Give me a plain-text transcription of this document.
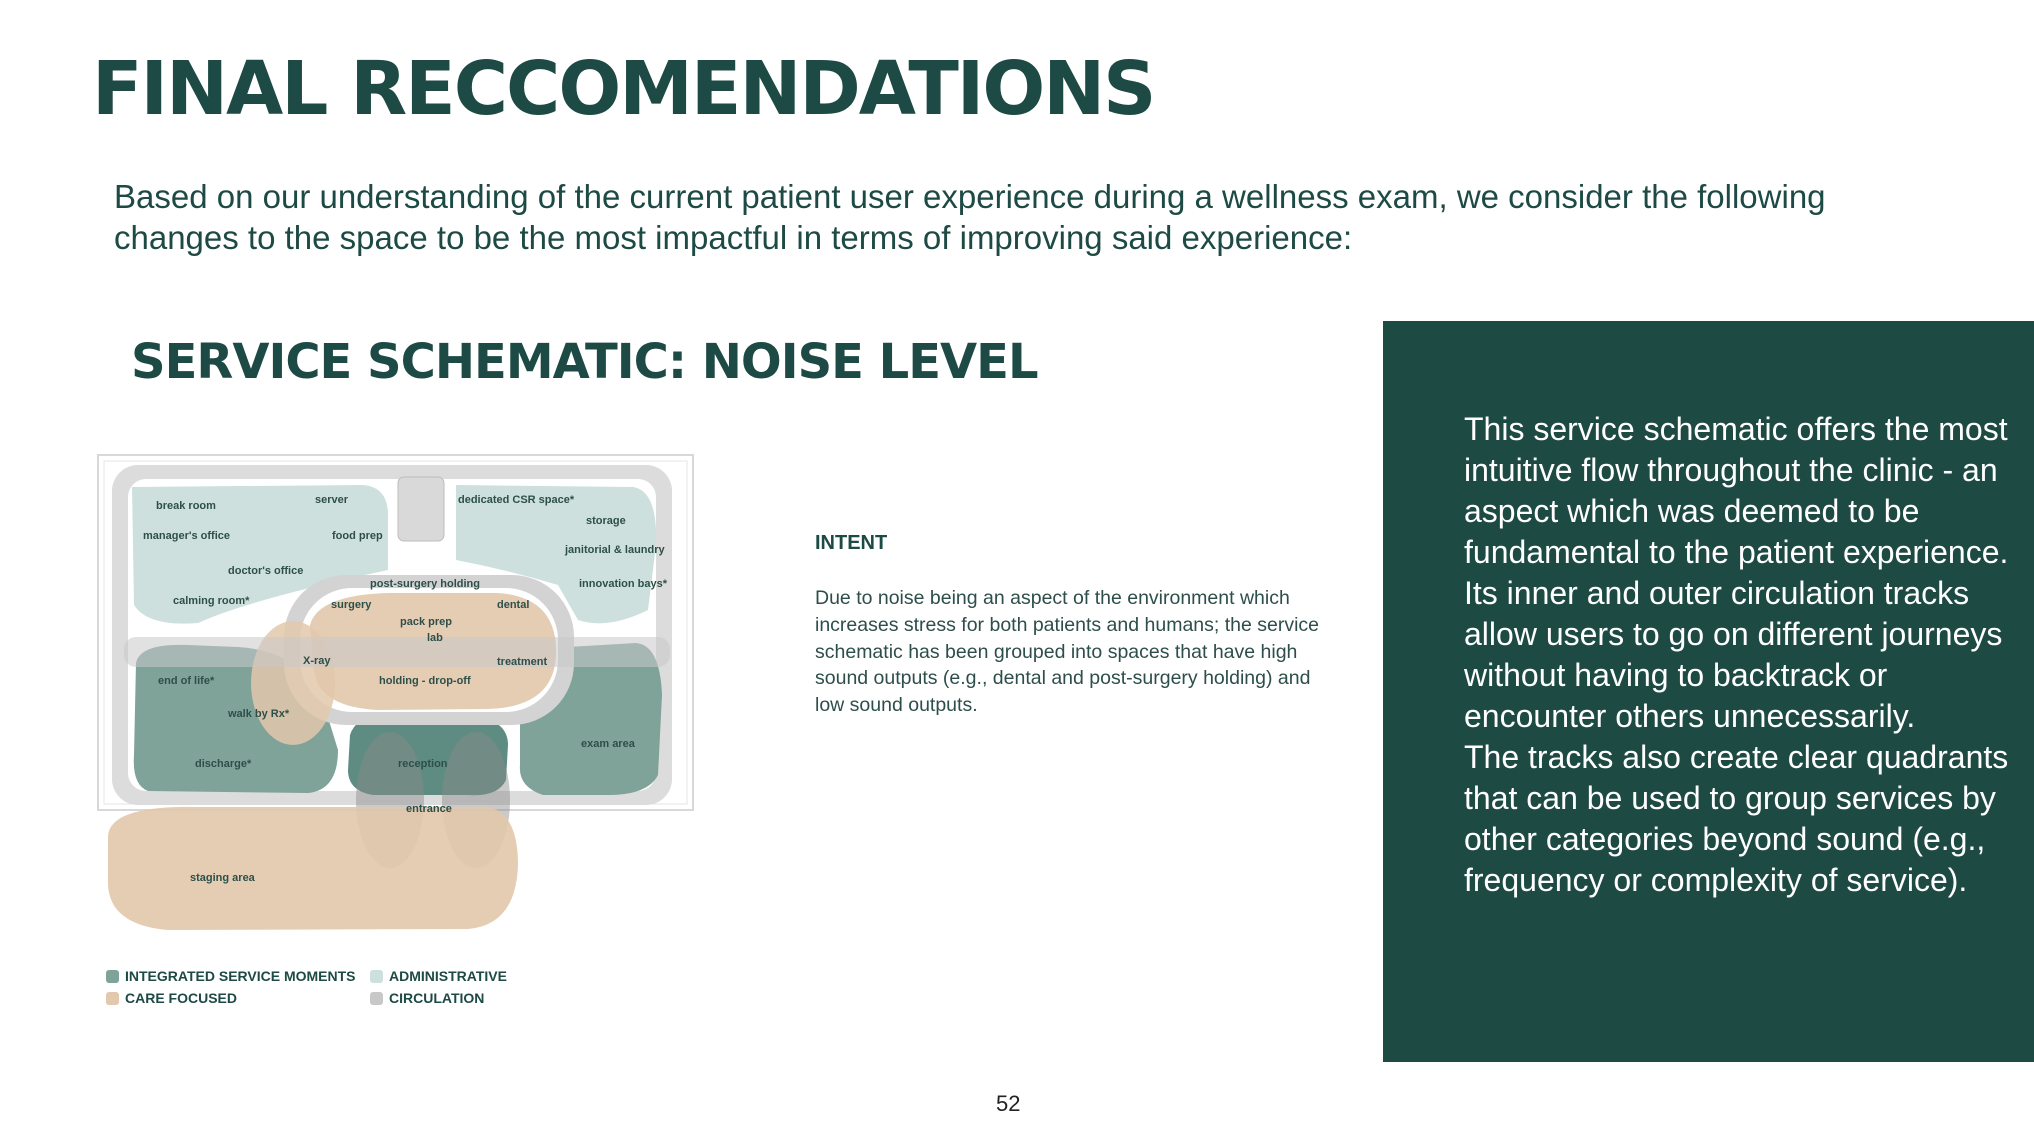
FINAL RECCOMENDATIONS

Based on our understanding of the current patient user experience during a wellness exam, we consider the following changes to the space to be the most impactful in terms of improving said experience:

SERVICE SCHEMATIC: NOISE LEVEL
break room	server	dedicated CSR space*
storage
manager's office	food prep
janitorial & laundry
doctor's office
post-surgery holding	innovation bays*
calming room*	surgery	dental
pack prep
lab
X-ray	treatment
end of life*	holding - drop-off
walk by Rx*
exam area
discharge*	reception
entrance
staging area
INTEGRATED SERVICE MOMENTS ADMINISTRATIVE
CARE FOCUSED	CIRCULATION
INTENT

Due to noise being an aspect of the environment which increases stress for both patients and humans; the service schematic has been grouped into spaces that have high sound outputs (e.g., dental and post-surgery holding) and low sound outputs.

This service schematic offers the most intuitive flow throughout the clinic - an aspect which was deemed to be fundamental to the patient experience.
Its inner and outer circulation tracks allow users to go on different journeys without having to backtrack or encounter others unnecessarily.
The tracks also create clear quadrants that can be used to group services by other categories beyond sound (e.g., frequency or complexity of service).
52
